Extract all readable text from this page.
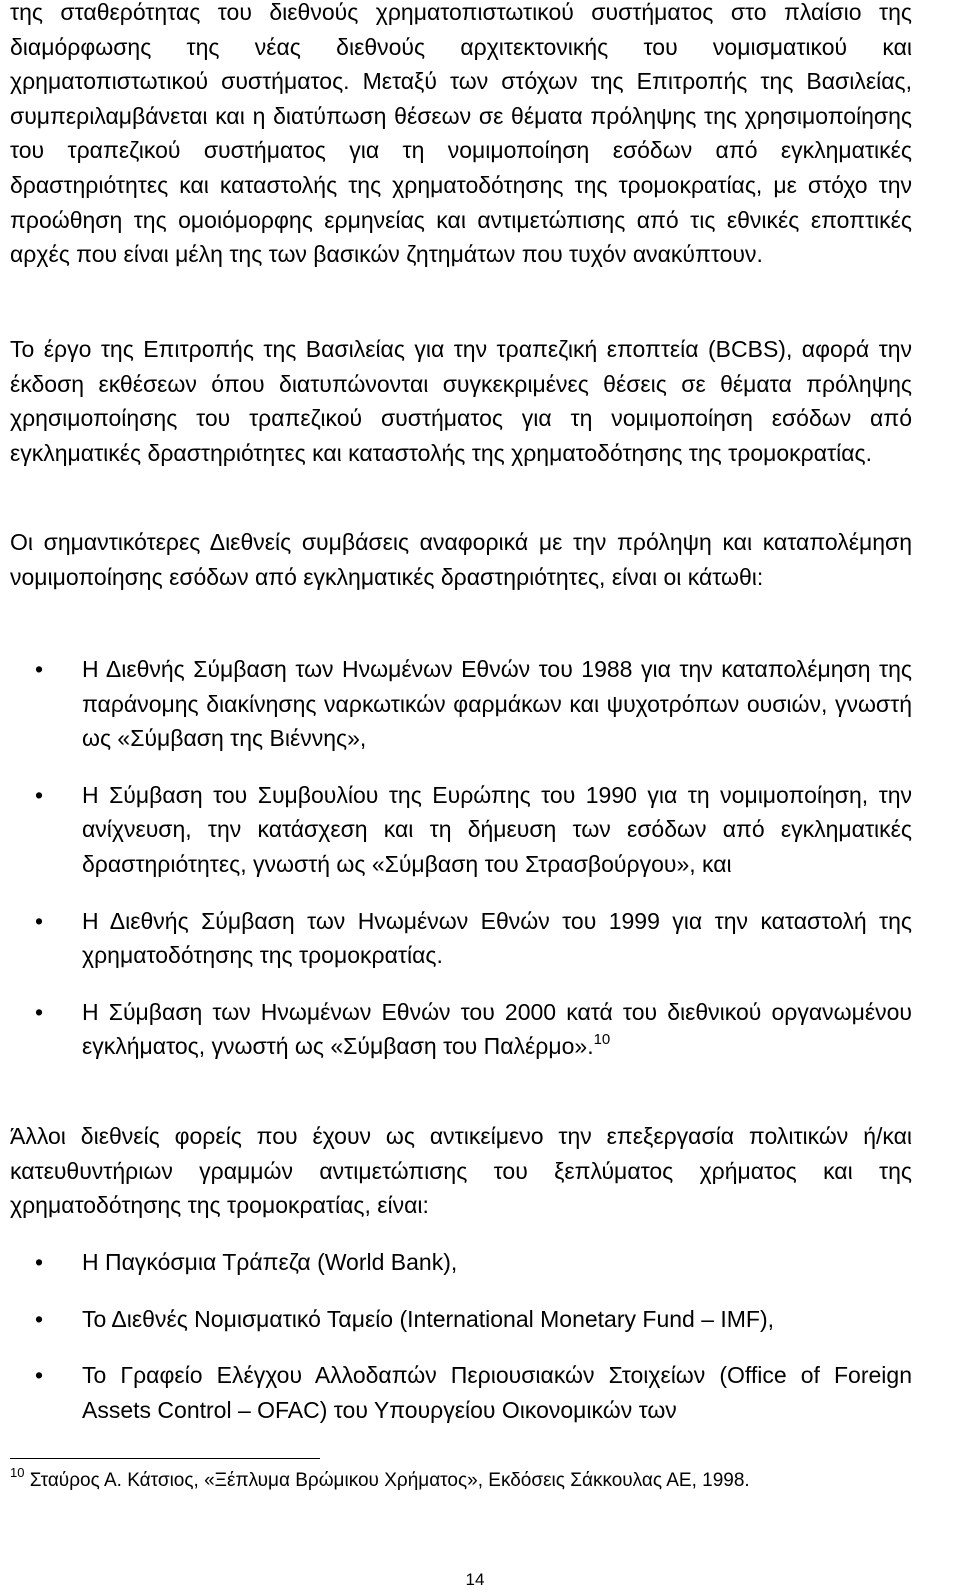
της σταθερότητας του διεθνούς χρηματοπιστωτικού συστήματος στο πλαίσιο της διαμόρφωσης της νέας διεθνούς αρχιτεκτονικής του νομισματικού και χρηματοπιστωτικού συστήματος. Μεταξύ των στόχων της Επιτροπής της Βασιλείας, συμπεριλαμβάνεται και η διατύπωση θέσεων σε θέματα πρόληψης της χρησιμοποίησης του τραπεζικού συστήματος για τη νομιμοποίηση εσόδων από εγκληματικές δραστηριότητες και καταστολής της χρηματοδότησης της τρομοκρατίας, με στόχο την προώθηση της ομοιόμορφης ερμηνείας και αντιμετώπισης από τις εθνικές εποπτικές αρχές που είναι μέλη της των βασικών ζητημάτων που τυχόν ανακύπτουν.

Το έργο της Επιτροπής της Βασιλείας για την τραπεζική εποπτεία (BCBS), αφορά την έκδοση εκθέσεων όπου διατυπώνονται συγκεκριμένες θέσεις σε θέματα πρόληψης χρησιμοποίησης του τραπεζικού συστήματος για τη νομιμοποίηση εσόδων από εγκληματικές δραστηριότητες και καταστολής της χρηματοδότησης της τρομοκρατίας.

Οι σημαντικότερες Διεθνείς συμβάσεις αναφορικά με την πρόληψη και καταπολέμηση νομιμοποίησης εσόδων από εγκληματικές δραστηριότητες, είναι οι κάτωθι:

• Η Διεθνής Σύμβαση των Ηνωμένων Εθνών του 1988 για την καταπολέμηση της παράνομης διακίνησης ναρκωτικών φαρμάκων και ψυχοτρόπων ουσιών, γνωστή ως «Σύμβαση της Βιέννης»,
• Η Σύμβαση του Συμβουλίου της Ευρώπης του 1990 για τη νομιμοποίηση, την ανίχνευση, την κατάσχεση και τη δήμευση των εσόδων από εγκληματικές δραστηριότητες, γνωστή ως «Σύμβαση του Στρασβούργου», και
• Η Διεθνής Σύμβαση των Ηνωμένων Εθνών του 1999 για την καταστολή της χρηματοδότησης της τρομοκρατίας.
• Η Σύμβαση των Ηνωμένων Εθνών του 2000 κατά του διεθνικού οργανωμένου εγκλήματος, γνωστή ως «Σύμβαση του Παλέρμο».$^{10}$

Άλλοι διεθνείς φορείς που έχουν ως αντικείμενο την επεξεργασία πολιτικών ή/και κατευθυντήριων γραμμών αντιμετώπισης του ξεπλύματος χρήματος και της χρηματοδότησης της τρομοκρατίας, είναι:

• Η Παγκόσμια Τράπεζα (World Bank),
• Το Διεθνές Νομισματικό Ταμείο (International Monetary Fund – IMF),
• Το Γραφείο Ελέγχου Αλλοδαπών Περιουσιακών Στοιχείων (Office of Foreign Assets Control – OFAC) του Υπουργείου Οικονομικών των
$^{10}$ Σταύρος Α. Κάτσιος, «Ξέπλυμα Βρώμικου Χρήματος», Εκδόσεις Σάκκουλας ΑΕ, 1998.
14
